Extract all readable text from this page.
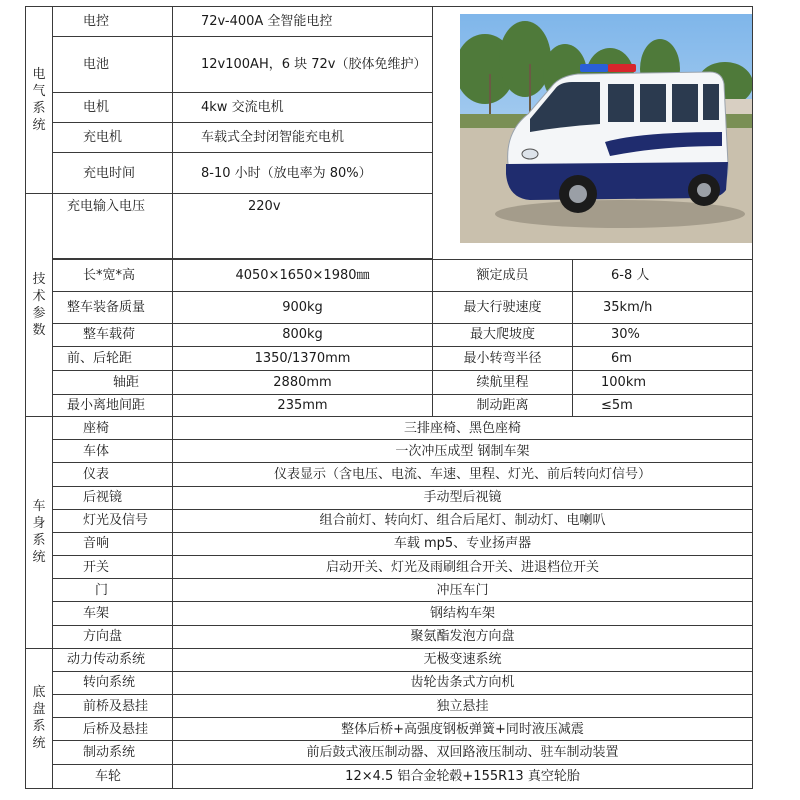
电
气
系
统	电控	72v-400A 全智能电控	

	电池	12v100AH，6 块 72v（胶体免维护）		
	电机	4kw 交流电机		
	充电机	车载式全封闭智能充电机		
	充电时间	8-10 小时（放电率为 80%）		

技
术
参
数	充电输入电压	220v		

	长*宽*高	4050×1650×1980㎜	额定成员	6-8 人
	整车装备质量	900kg	最大行驶速度	35km/h
	整车载荷	800kg	最大爬坡度	30%
	前、后轮距	1350/1370mm	最小转弯半径	6m
	轴距	2880mm	续航里程	100km
	最小离地间距	235mm	制动距离	≤5m

车
身
系
统	座椅	三排座椅、黑色座椅		
	车体	一次冲压成型 钢制车架		
	仪表	仪表显示（含电压、电流、车速、里程、灯光、前后转向灯信号）		
	后视镜	手动型后视镜		
	灯光及信号	组合前灯、转向灯、组合后尾灯、制动灯、电喇叭		
	音响	车载 mp5、专业扬声器		
	开关	启动开关、灯光及雨刷组合开关、进退档位开关		
	门	冲压车门		
	车架	钢结构车架		
	方向盘	聚氨酯发泡方向盘		

底
盘
系
统	动力传动系统	无极变速系统		
	转向系统	齿轮齿条式方向机		
	前桥及悬挂	独立悬挂		
	后桥及悬挂	整体后桥+高强度钢板弹簧+同时液压减震		
	制动系统	前后鼓式液压制动器、双回路液压制动、驻车制动装置		
	车轮	12×4.5 铝合金轮毂+155R13 真空轮胎		
